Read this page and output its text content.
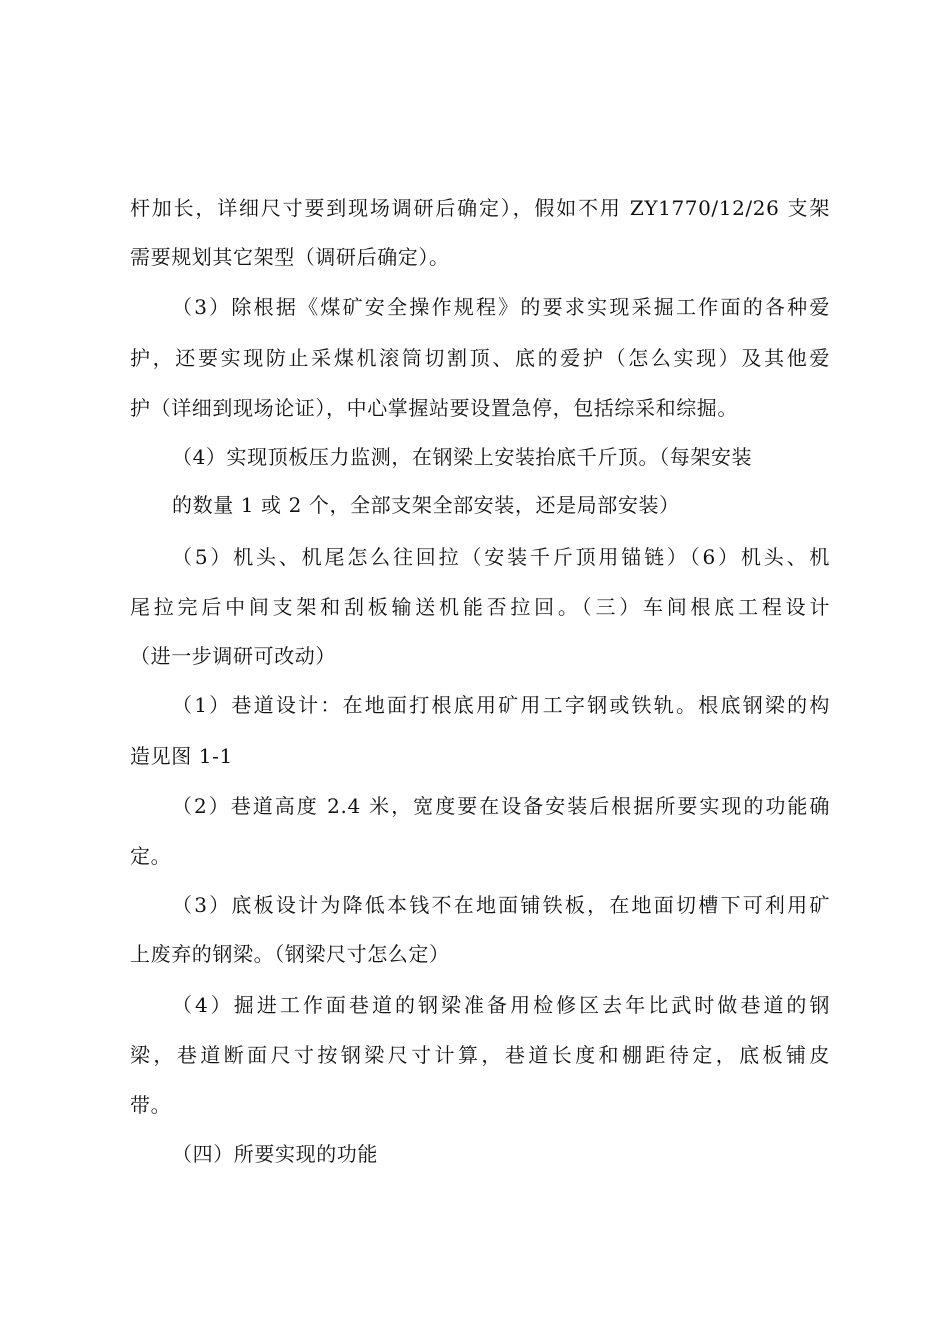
杆加长，详细尺寸要到现场调研后确定），假如不用 ZY1770/12/26 支架
需要规划其它架型（调研后确定）。
（3）除根据《煤矿安全操作规程》的要求实现采掘工作面的各种爱
护，还要实现防止采煤机滚筒切割顶、底的爱护（怎么实现）及其他爱
护（详细到现场论证），中心掌握站要设置急停，包括综采和综掘。
（4）实现顶板压力监测，在钢梁上安装抬底千斤顶。（每架安装
的数量 1 或 2 个，全部支架全部安装，还是局部安装）
（5）机头、机尾怎么往回拉（安装千斤顶用锚链）（6）机头、机
尾拉完后中间支架和刮板输送机能否拉回。（三）车间根底工程设计
（进一步调研可改动）
（1）巷道设计：在地面打根底用矿用工字钢或铁轨。根底钢梁的构
造见图 1-1
（2）巷道高度 2.4 米，宽度要在设备安装后根据所要实现的功能确
定。
（3）底板设计为降低本钱不在地面铺铁板，在地面切槽下可利用矿
上废弃的钢梁。（钢梁尺寸怎么定）
（4）掘进工作面巷道的钢梁准备用检修区去年比武时做巷道的钢
梁，巷道断面尺寸按钢梁尺寸计算，巷道长度和棚距待定，底板铺皮
带。
（四）所要实现的功能
